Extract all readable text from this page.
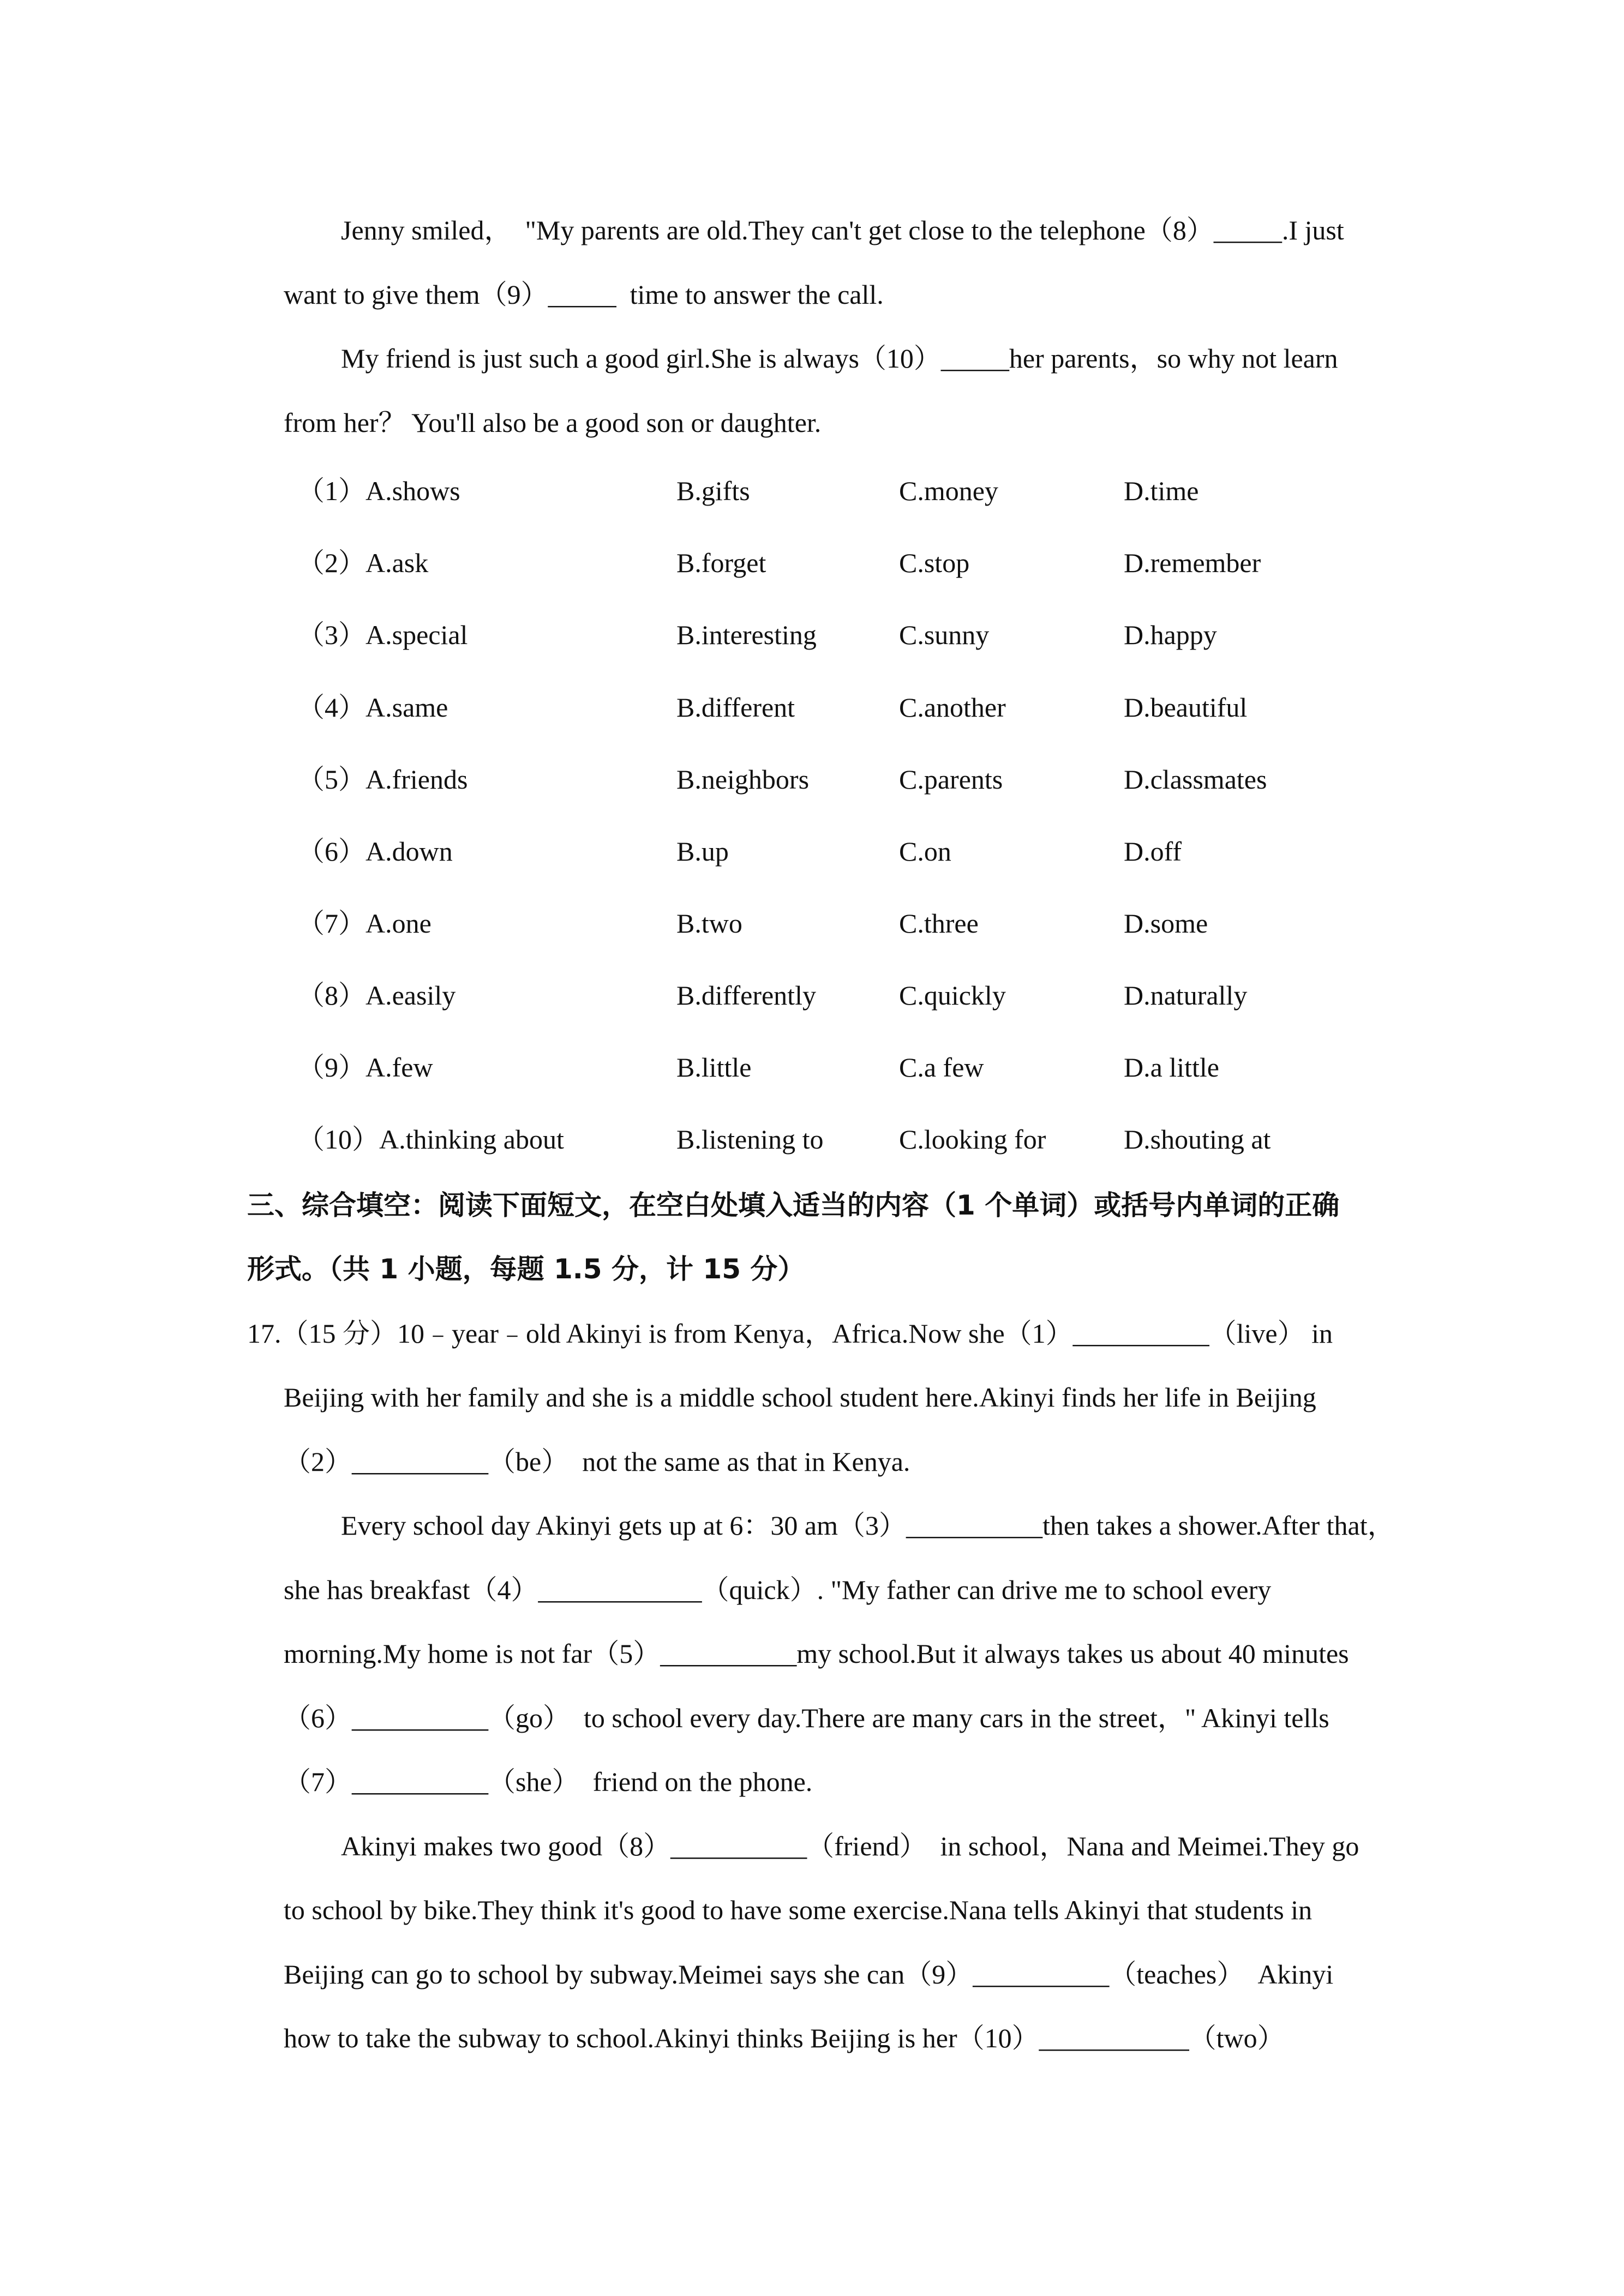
Jenny smiled，  "My parents are old.They can't get close to the telephone（8）_____.I just
want to give them（9）_____  time to answer the call.
My friend is just such a good girl.She is always（10）_____her parents，so why not learn
from her？ You'll also be a good son or daughter.
（1）A.shows	B.gifts	C.money	D.time
（2）A.ask	B.forget	C.stop	D.remember
（3）A.special	B.interesting	C.sunny	D.happy
（4）A.same	B.different	C.another	D.beautiful
（5）A.friends	B.neighbors	C.parents	D.classmates
（6）A.down	B.up	C.on	D.off
（7）A.one	B.two	C.three	D.some
（8）A.easily	B.differently	C.quickly	D.naturally
（9）A.few	B.little	C.a few	D.a little
（10）A.thinking about	B.listening to	C.looking for	D.shouting at
三、综合填空：阅读下面短文，在空白处填入适当的内容（1 个单词）或括号内单词的正确
形式。（共 1 小题，每题 1.5 分，计 15 分）
17.（15 分）10﹣year﹣old Akinyi is from Kenya，Africa.Now she（1）__________（live） in
Beijing with her family and she is a middle school student here.Akinyi finds her life in Beijing
（2）__________（be）  not the same as that in Kenya.
Every school day Akinyi gets up at 6：30 am（3）__________then takes a shower.After that，
she has breakfast（4）____________（quick）. "My father can drive me to school every
morning.My home is not far（5）__________my school.But it always takes us about 40 minutes
（6）__________（go）  to school every day.There are many cars in the street，" Akinyi tells
（7）__________（she）  friend on the phone.
Akinyi makes two good（8）__________（friend）  in school，Nana and Meimei.They go
to school by bike.They think it's good to have some exercise.Nana tells Akinyi that students in
Beijing can go to school by subway.Meimei says she can（9）__________（teaches）  Akinyi
how to take the subway to school.Akinyi thinks Beijing is her（10）___________（two）
